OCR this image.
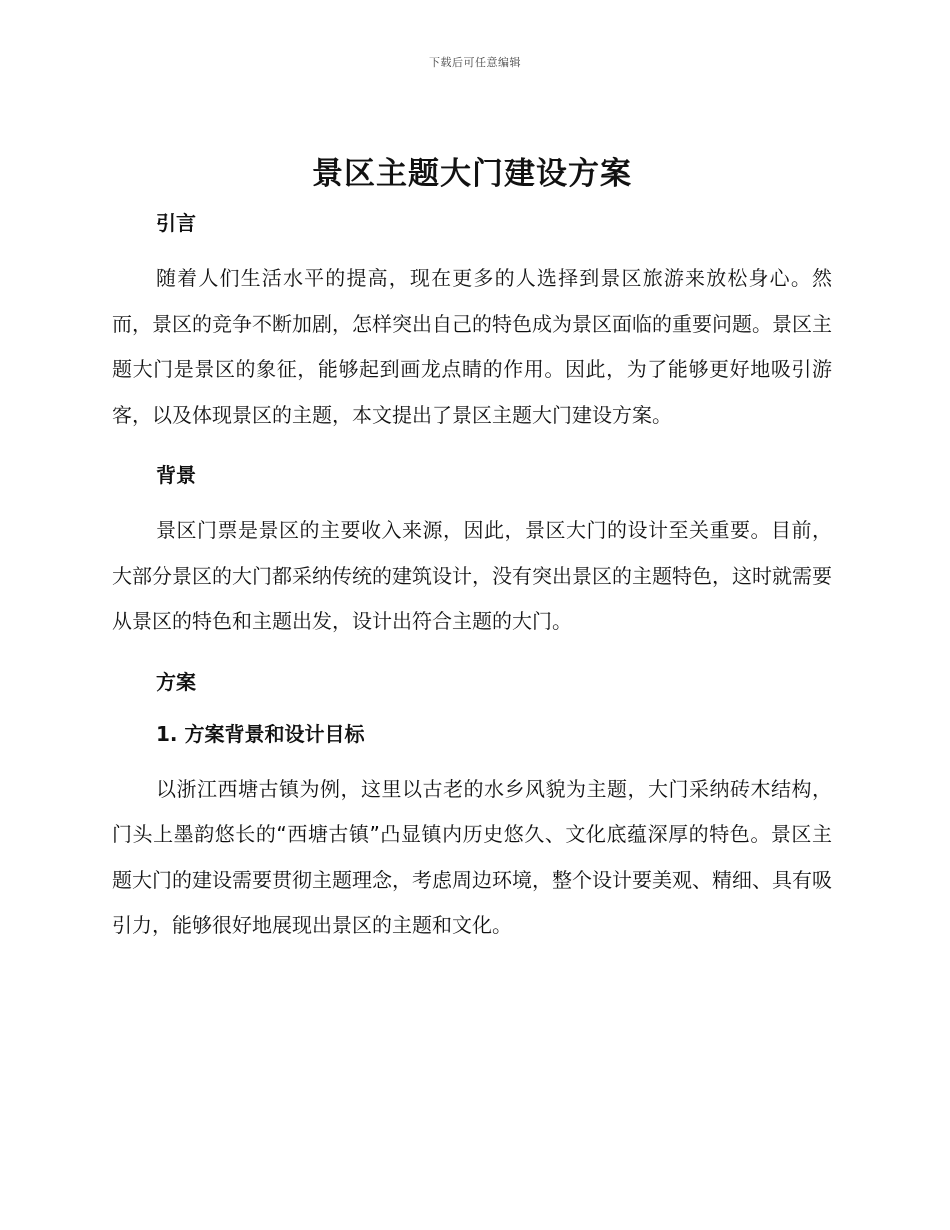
下载后可任意编辑
景区主题大门建设方案
引言

随着人们生活水平的提高，现在更多的人选择到景区旅游来放松身心。然而，景区的竞争不断加剧，怎样突出自己的特色成为景区面临的重要问题。景区主题大门是景区的象征，能够起到画龙点睛的作用。因此，为了能够更好地吸引游客，以及体现景区的主题，本文提出了景区主题大门建设方案。

背景

景区门票是景区的主要收入来源，因此，景区大门的设计至关重要。目前，大部分景区的大门都采纳传统的建筑设计，没有突出景区的主题特色，这时就需要从景区的特色和主题出发，设计出符合主题的大门。

方案
1. 方案背景和设计目标

以浙江西塘古镇为例，这里以古老的水乡风貌为主题，大门采纳砖木结构，门头上墨韵悠长的“西塘古镇”凸显镇内历史悠久、文化底蕴深厚的特色。景区主题大门的建设需要贯彻主题理念，考虑周边环境，整个设计要美观、精细、具有吸引力，能够很好地展现出景区的主题和文化。
